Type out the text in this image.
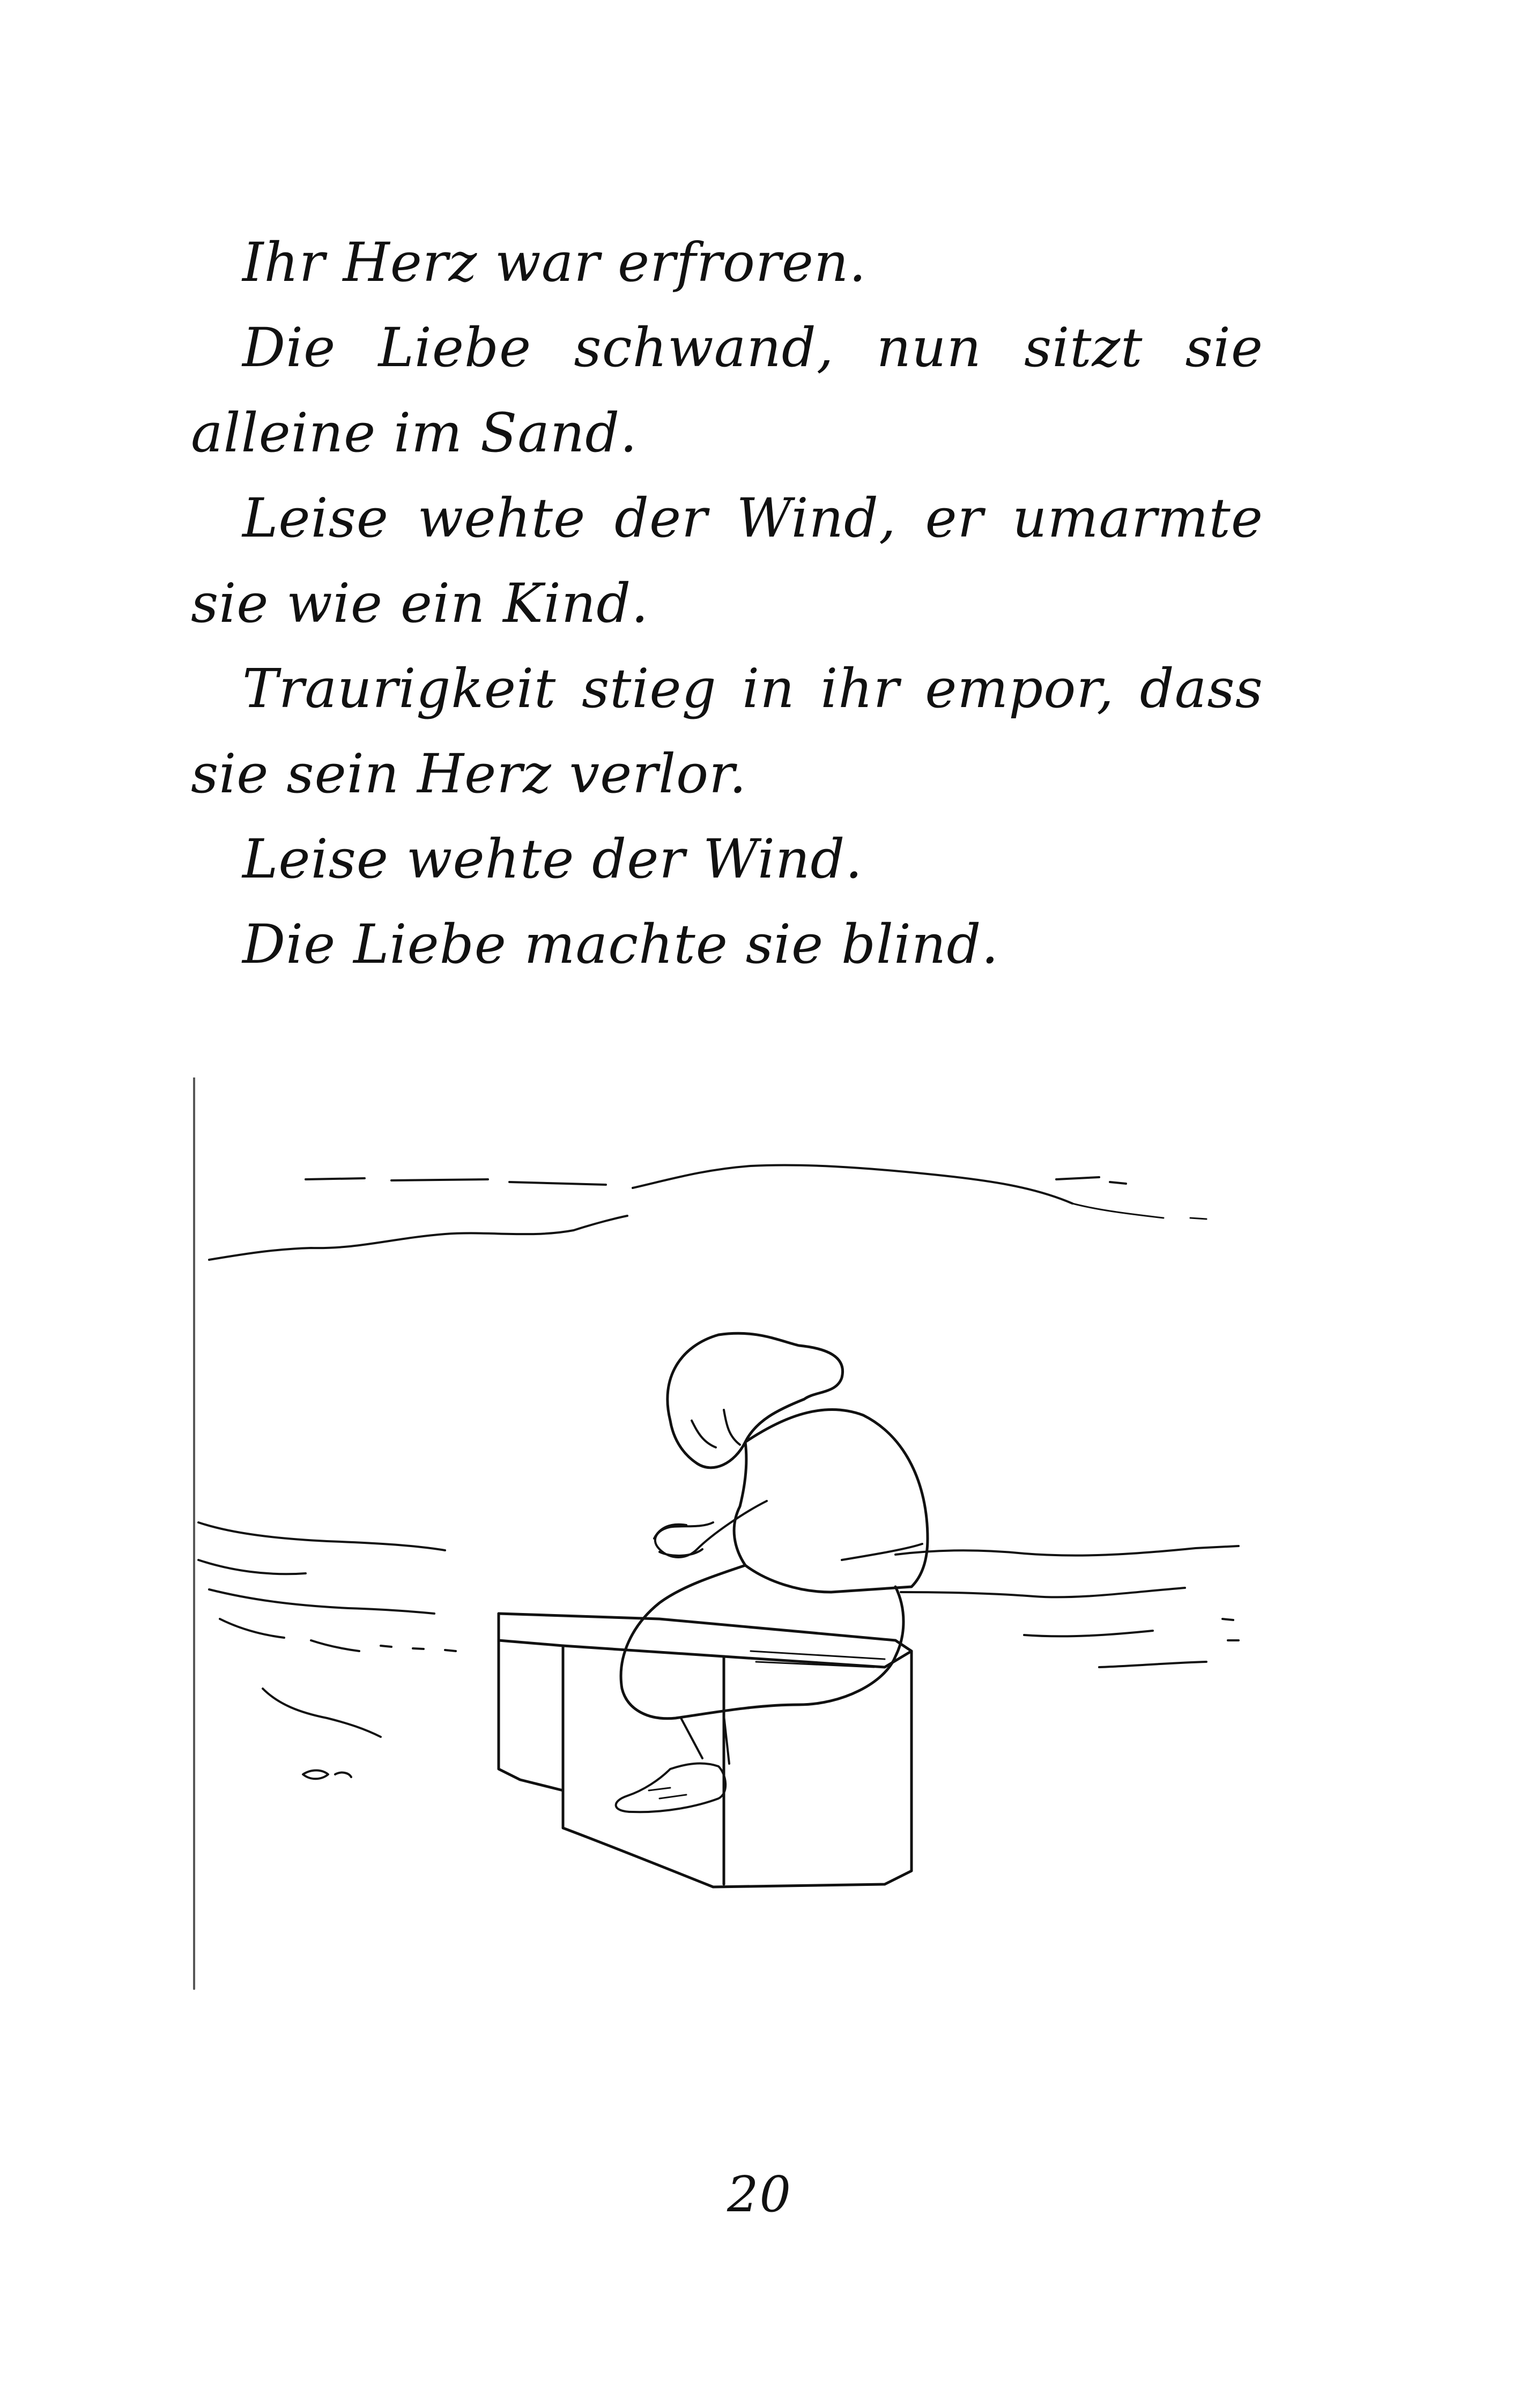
Ihr Herz war erfroren.

Die Liebe schwand, nun sitzt sie alleine im Sand.

Leise wehte der Wind, er umarmte sie wie ein Kind.

Traurigkeit stieg in ihr empor, dass sie sein Herz verlor.

Leise wehte der Wind.

Die Liebe machte sie blind.

20
